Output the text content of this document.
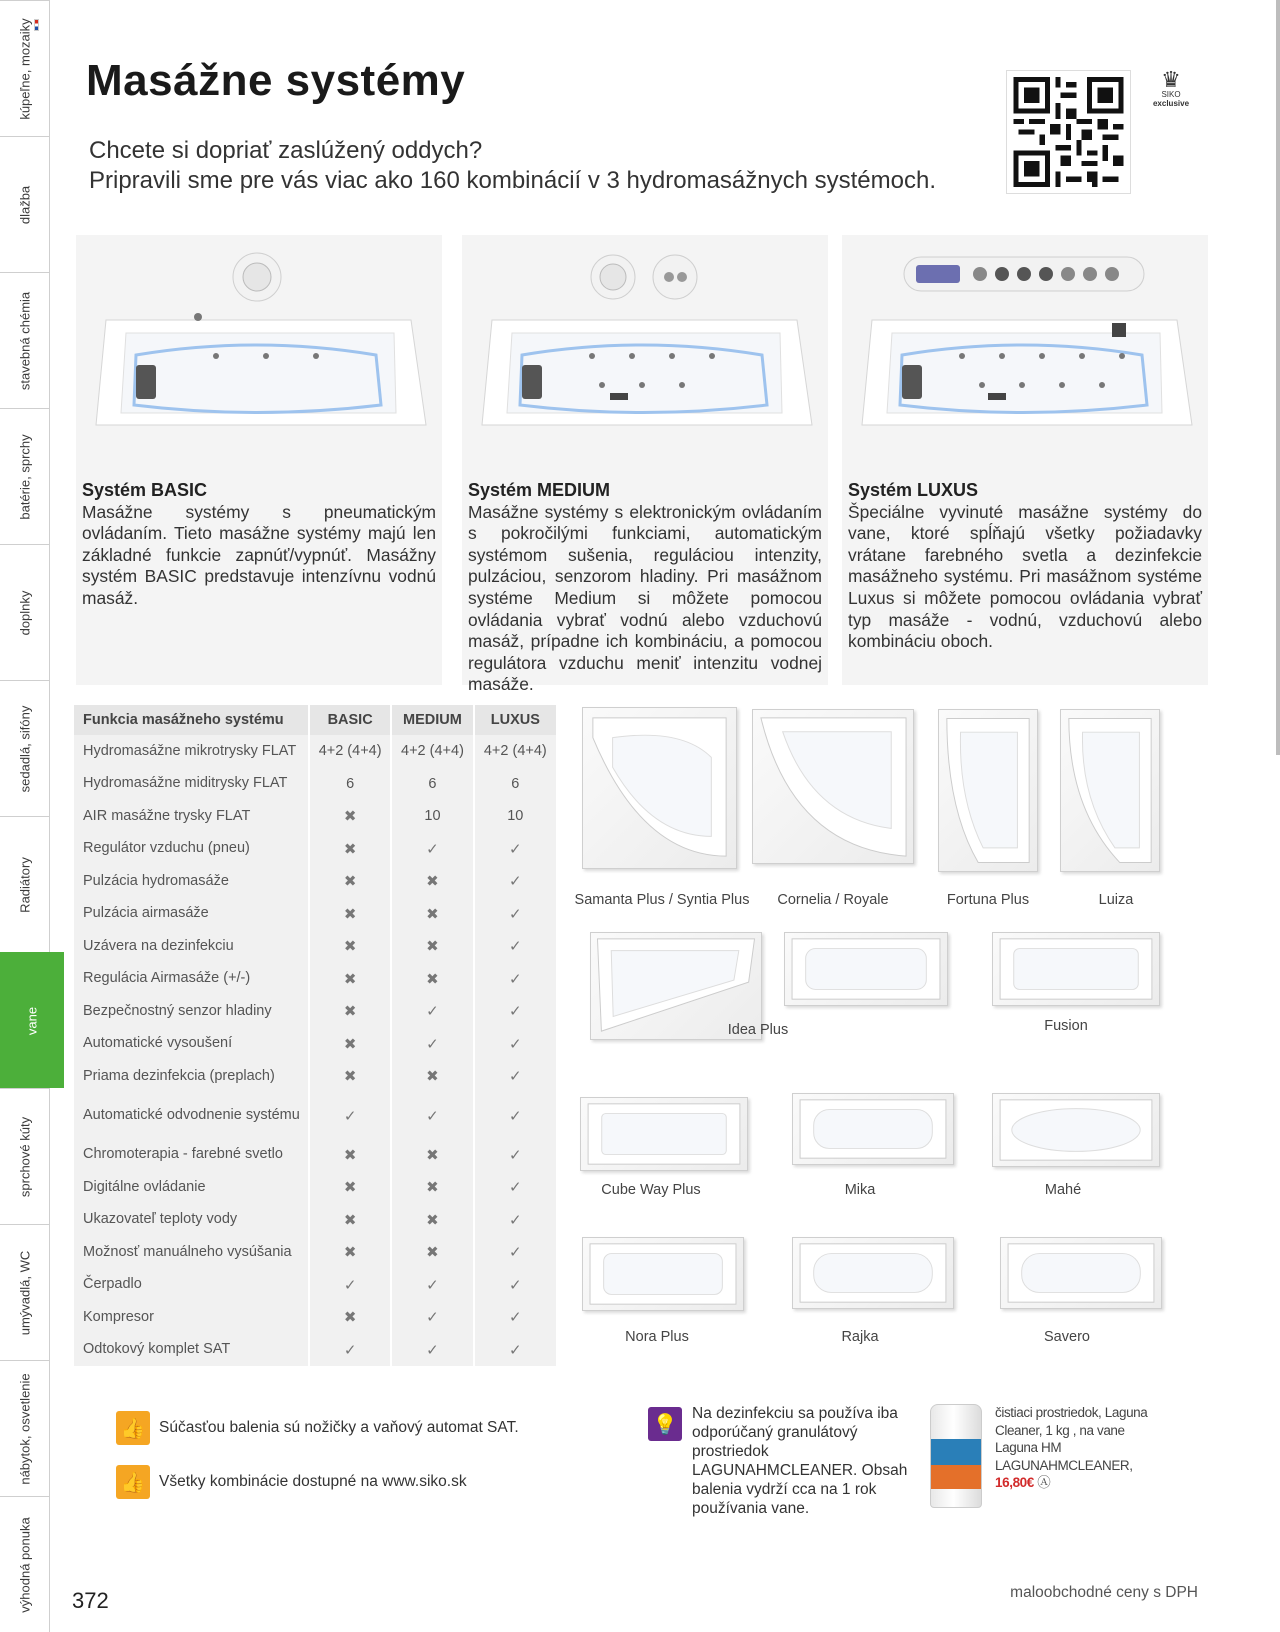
kúpeľne, mozaiky
dlažba
stavebná chémia
batérie, sprchy
doplnky
sedadlá, sifóny
Radiátory
vane
sprchové kúty
umývadlá, WC
nábytok, osvetlenie
výhodná ponuka
Masážne systémy
Chcete si dopriať zaslúžený oddych?
Pripravili sme pre vás viac ako 160 kombinácií v 3 hydromasážnych systémoch.
♛
SIKO
exclusive
Systém BASIC
Masážne systémy s pneumatickým ovládaním. Tieto masážne systémy majú len základné funkcie zapnúť/vypnúť. Masážny systém BASIC predstavuje intenzívnu vodnú masáž.
Systém MEDIUM
Masážne systémy s elektronickým ovládaním s pokročilými funkciami, automatickým systémom sušenia, reguláciou intenzity, pulzáciou, senzorom hladiny. Pri masážnom systéme Medium si môžete pomocou ovládania vybrať vodnú alebo vzduchovú masáž, prípadne ich kombináciu, a pomocou regulátora vzduchu meniť intenzitu vodnej masáže.
Systém LUXUS
Špeciálne vyvinuté masážne systémy do vane, ktoré spĺňajú všetky požiadavky vrátane farebného svetla a dezinfekcie masážneho systému. Pri masážnom systéme Luxus si môžete pomocou ovládania vybrať typ masáže - vodnú, vzduchovú alebo kombináciu oboch.
Funkcia masážneho systému	BASIC	MEDIUM	LUXUS
Hydromasážne mikrotrysky FLAT	4+2 (4+4)	4+2 (4+4)	4+2 (4+4)
Hydromasážne miditrysky FLAT	6	6	6
AIR masážne trysky FLAT	✖	10	10
Regulátor vzduchu (pneu)	✖	✓	✓
Pulzácia hydromasáže	✖	✖	✓
Pulzácia airmasáže	✖	✖	✓
Uzávera na dezinfekciu	✖	✖	✓
Regulácia Airmasáže (+/-)	✖	✖	✓
Bezpečnostný senzor hladiny	✖	✓	✓
Automatické vysoušení	✖	✓	✓
Priama dezinfekcia (preplach)	✖	✖	✓
Automatické odvodnenie systému	✓	✓	✓
Chromoterapia - farebné svetlo	✖	✖	✓
Digitálne ovládanie	✖	✖	✓
Ukazovateľ teploty vody	✖	✖	✓
Možnosť manuálneho vysúšania	✖	✖	✓
Čerpadlo	✓	✓	✓
Kompresor	✖	✓	✓
Odtokový komplet SAT	✓	✓	✓
Samanta Plus / Syntia Plus	Cornelia / Royale	Fortuna Plus	Luiza
Idea Plus	Fusion
Cube Way Plus	Mika	Mahé
Nora Plus	Rajka	Savero
👍 Súčasťou balenia sú nožičky a vaňový automat SAT.
👍 Všetky kombinácie dostupné na www.siko.sk
💡 Na dezinfekciu sa používa iba odporúčaný granulátový prostriedok LAGUNAHMCLEANER. Obsah balenia vydrží cca na 1 rok používania vane.
čistiaci prostriedok, Laguna Cleaner, 1 kg , na vane Laguna HM LAGUNAHMCLEANER,
16,80€ Ⓐ
372	maloobchodné ceny s DPH
